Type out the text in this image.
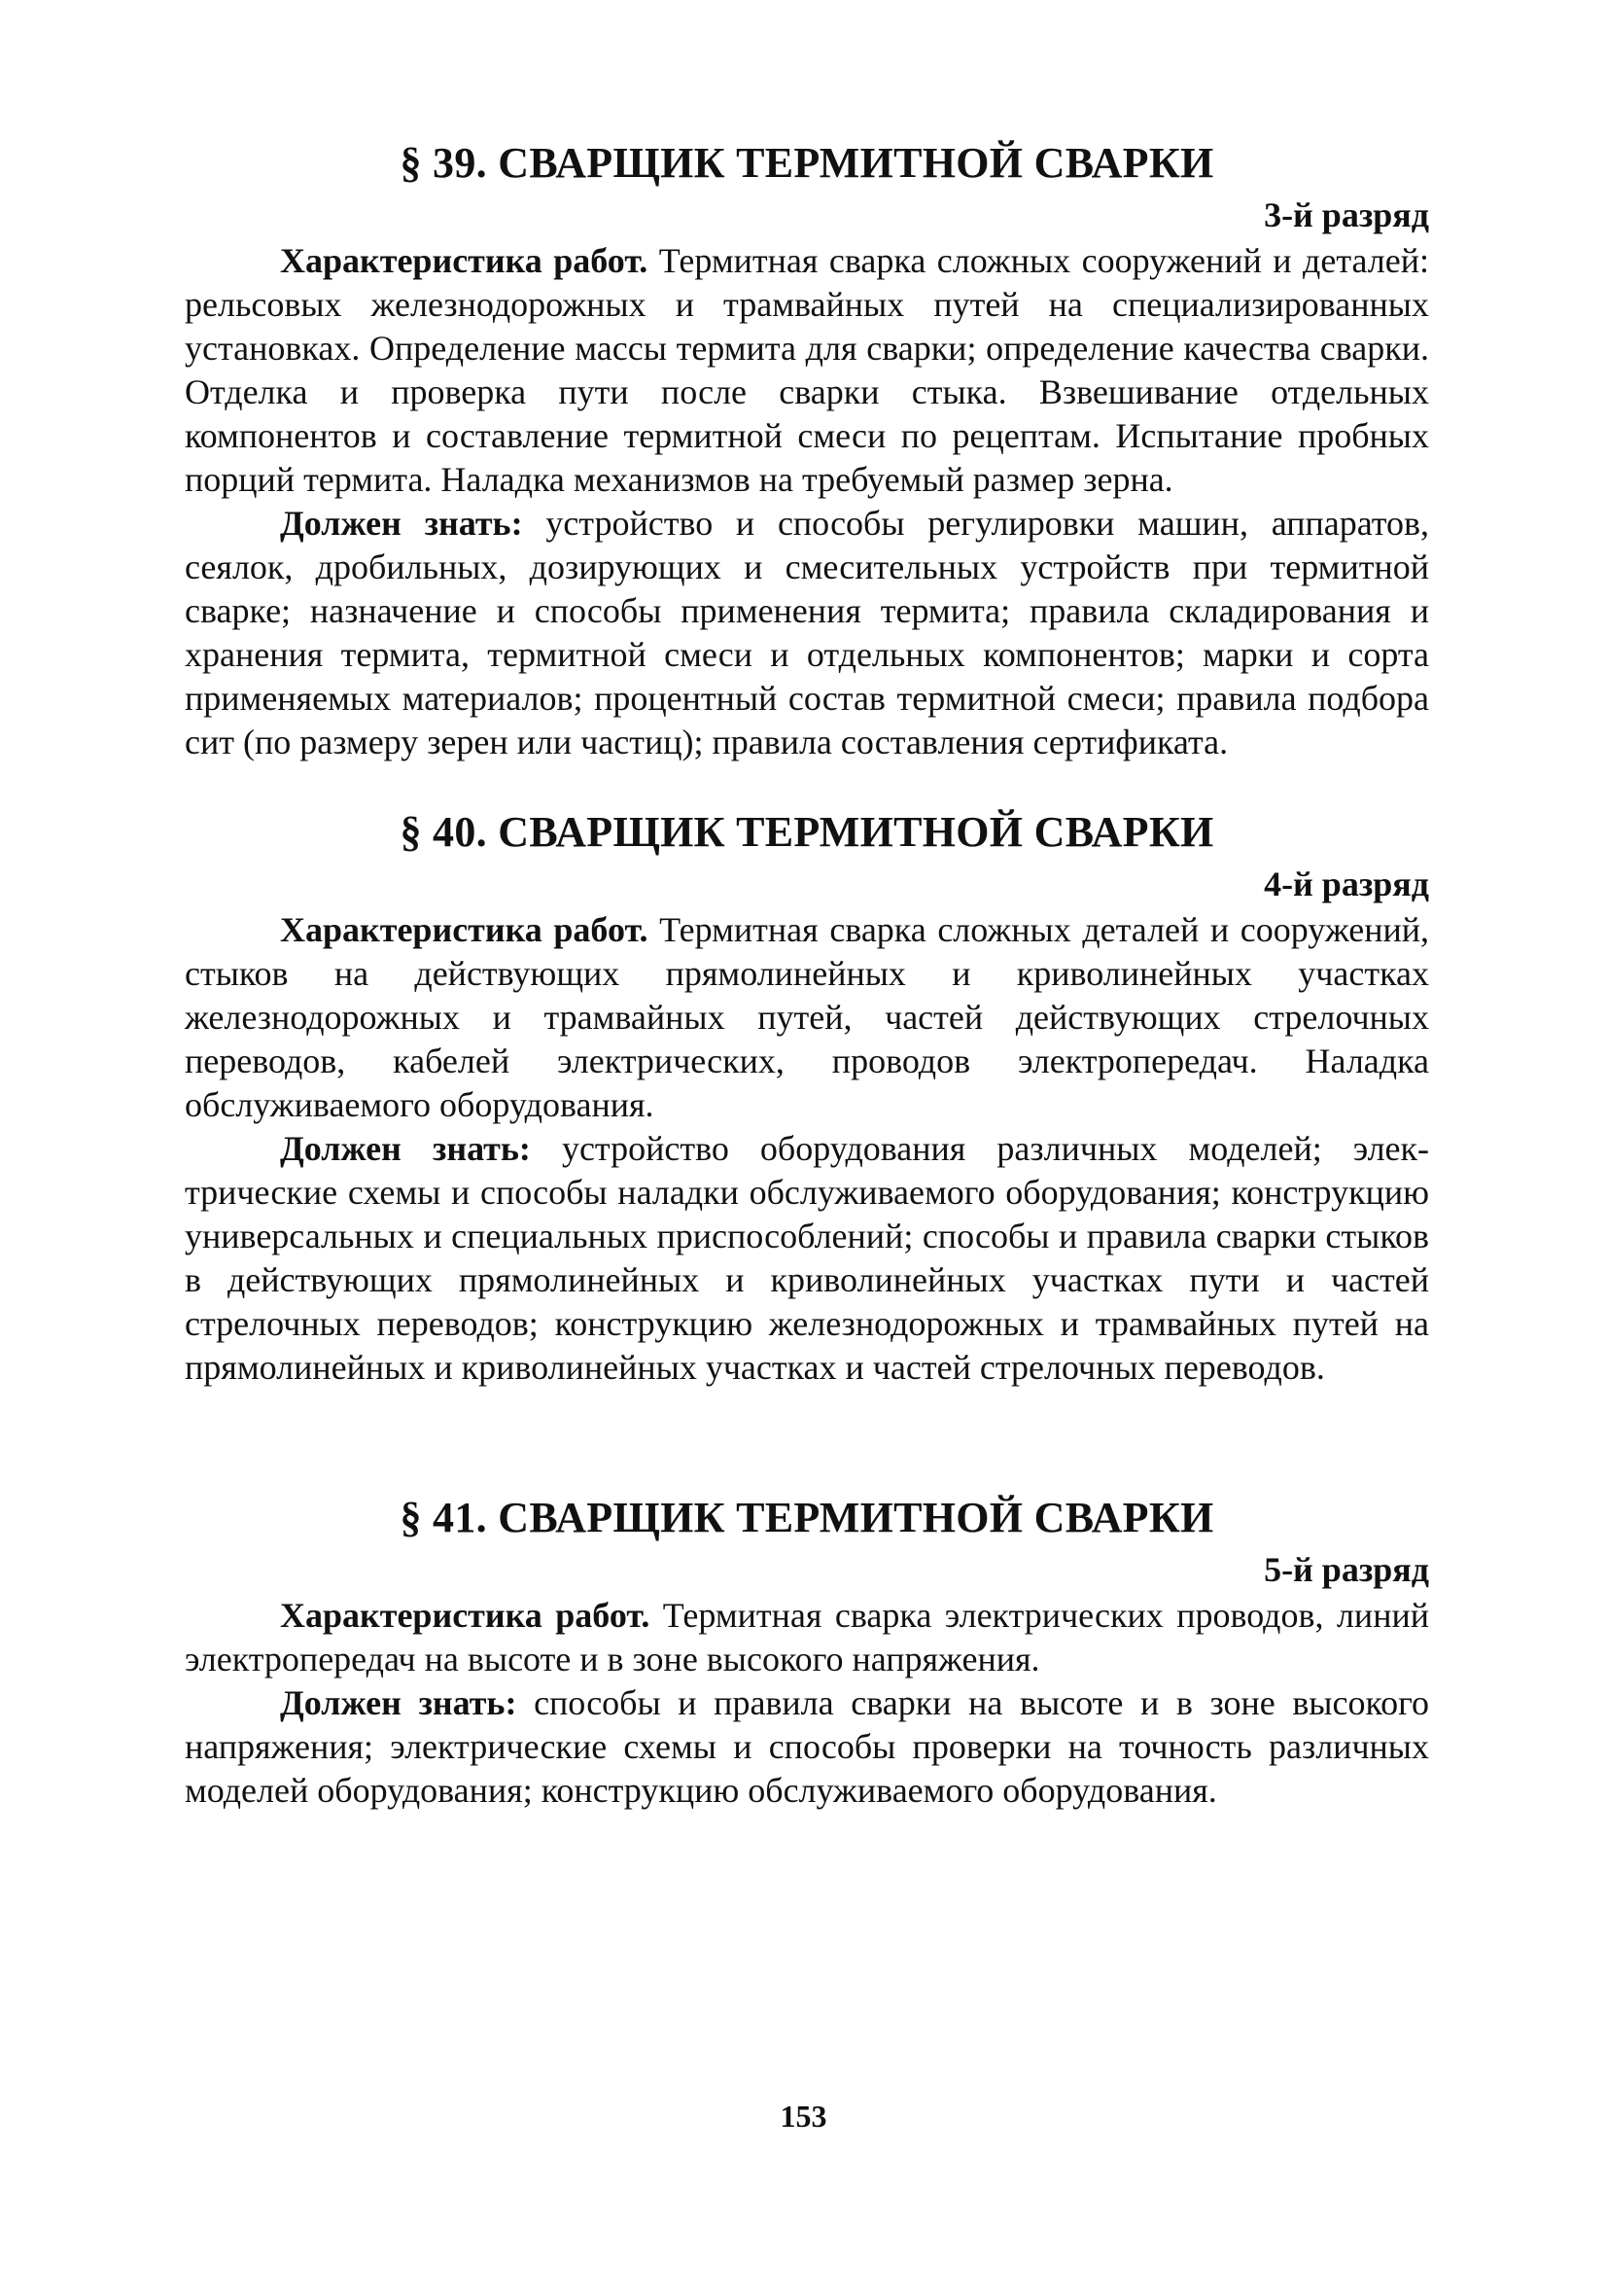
§ 39. СВАРЩИК ТЕРМИТНОЙ СВАРКИ
3-й разряд

Характеристика работ. Термитная сварка сложных сооружений и деталей: рельсовых железнодорожных и трамвайных путей на специализированных установках. Определение массы термита для сварки; определение качества сварки. Отделка и проверка пути после сварки стыка. Взвешивание отдельных компонентов и составление термитной смеси по рецептам. Испытание пробных порций термита. Наладка механизмов на требуемый размер зерна.

Должен знать: устройство и способы регулировки машин, аппаратов, сеялок, дробильных, дозирующих и смесительных устройств при термитной сварке; назначение и способы применения термита; правила складирования и хранения термита, термитной смеси и отдельных компонентов; марки и сорта применяемых материалов; процентный состав термитной смеси; правила подбора сит (по размеру зерен или частиц); правила составления сертификата.

§ 40. СВАРЩИК ТЕРМИТНОЙ СВАРКИ
4-й разряд

Характеристика работ. Термитная сварка сложных деталей и сооружений, стыков на действующих прямолинейных и криволинейных участках железнодорожных и трамвайных путей, частей действующих стрелочных переводов, кабелей электрических, проводов электропередач. Наладка обслуживаемого оборудования.

Должен знать: устройство оборудования различных моделей; электрические схемы и способы наладки обслуживаемого оборудования; конструкцию универсальных и специальных приспособлений; способы и правила сварки стыков в действующих прямолинейных и криволинейных участках пути и частей стрелочных переводов; конструкцию железнодорожных и трамвайных путей на прямолинейных и криволинейных участках и частей стрелочных переводов.

§ 41. СВАРЩИК ТЕРМИТНОЙ СВАРКИ
5-й разряд

Характеристика работ. Термитная сварка электрических проводов, линий электропередач на высоте и в зоне высокого напряжения.

Должен знать: способы и правила сварки на высоте и в зоне высокого напряжения; электрические схемы и способы проверки на точность различных моделей оборудования; конструкцию обслуживаемого оборудования.

153
